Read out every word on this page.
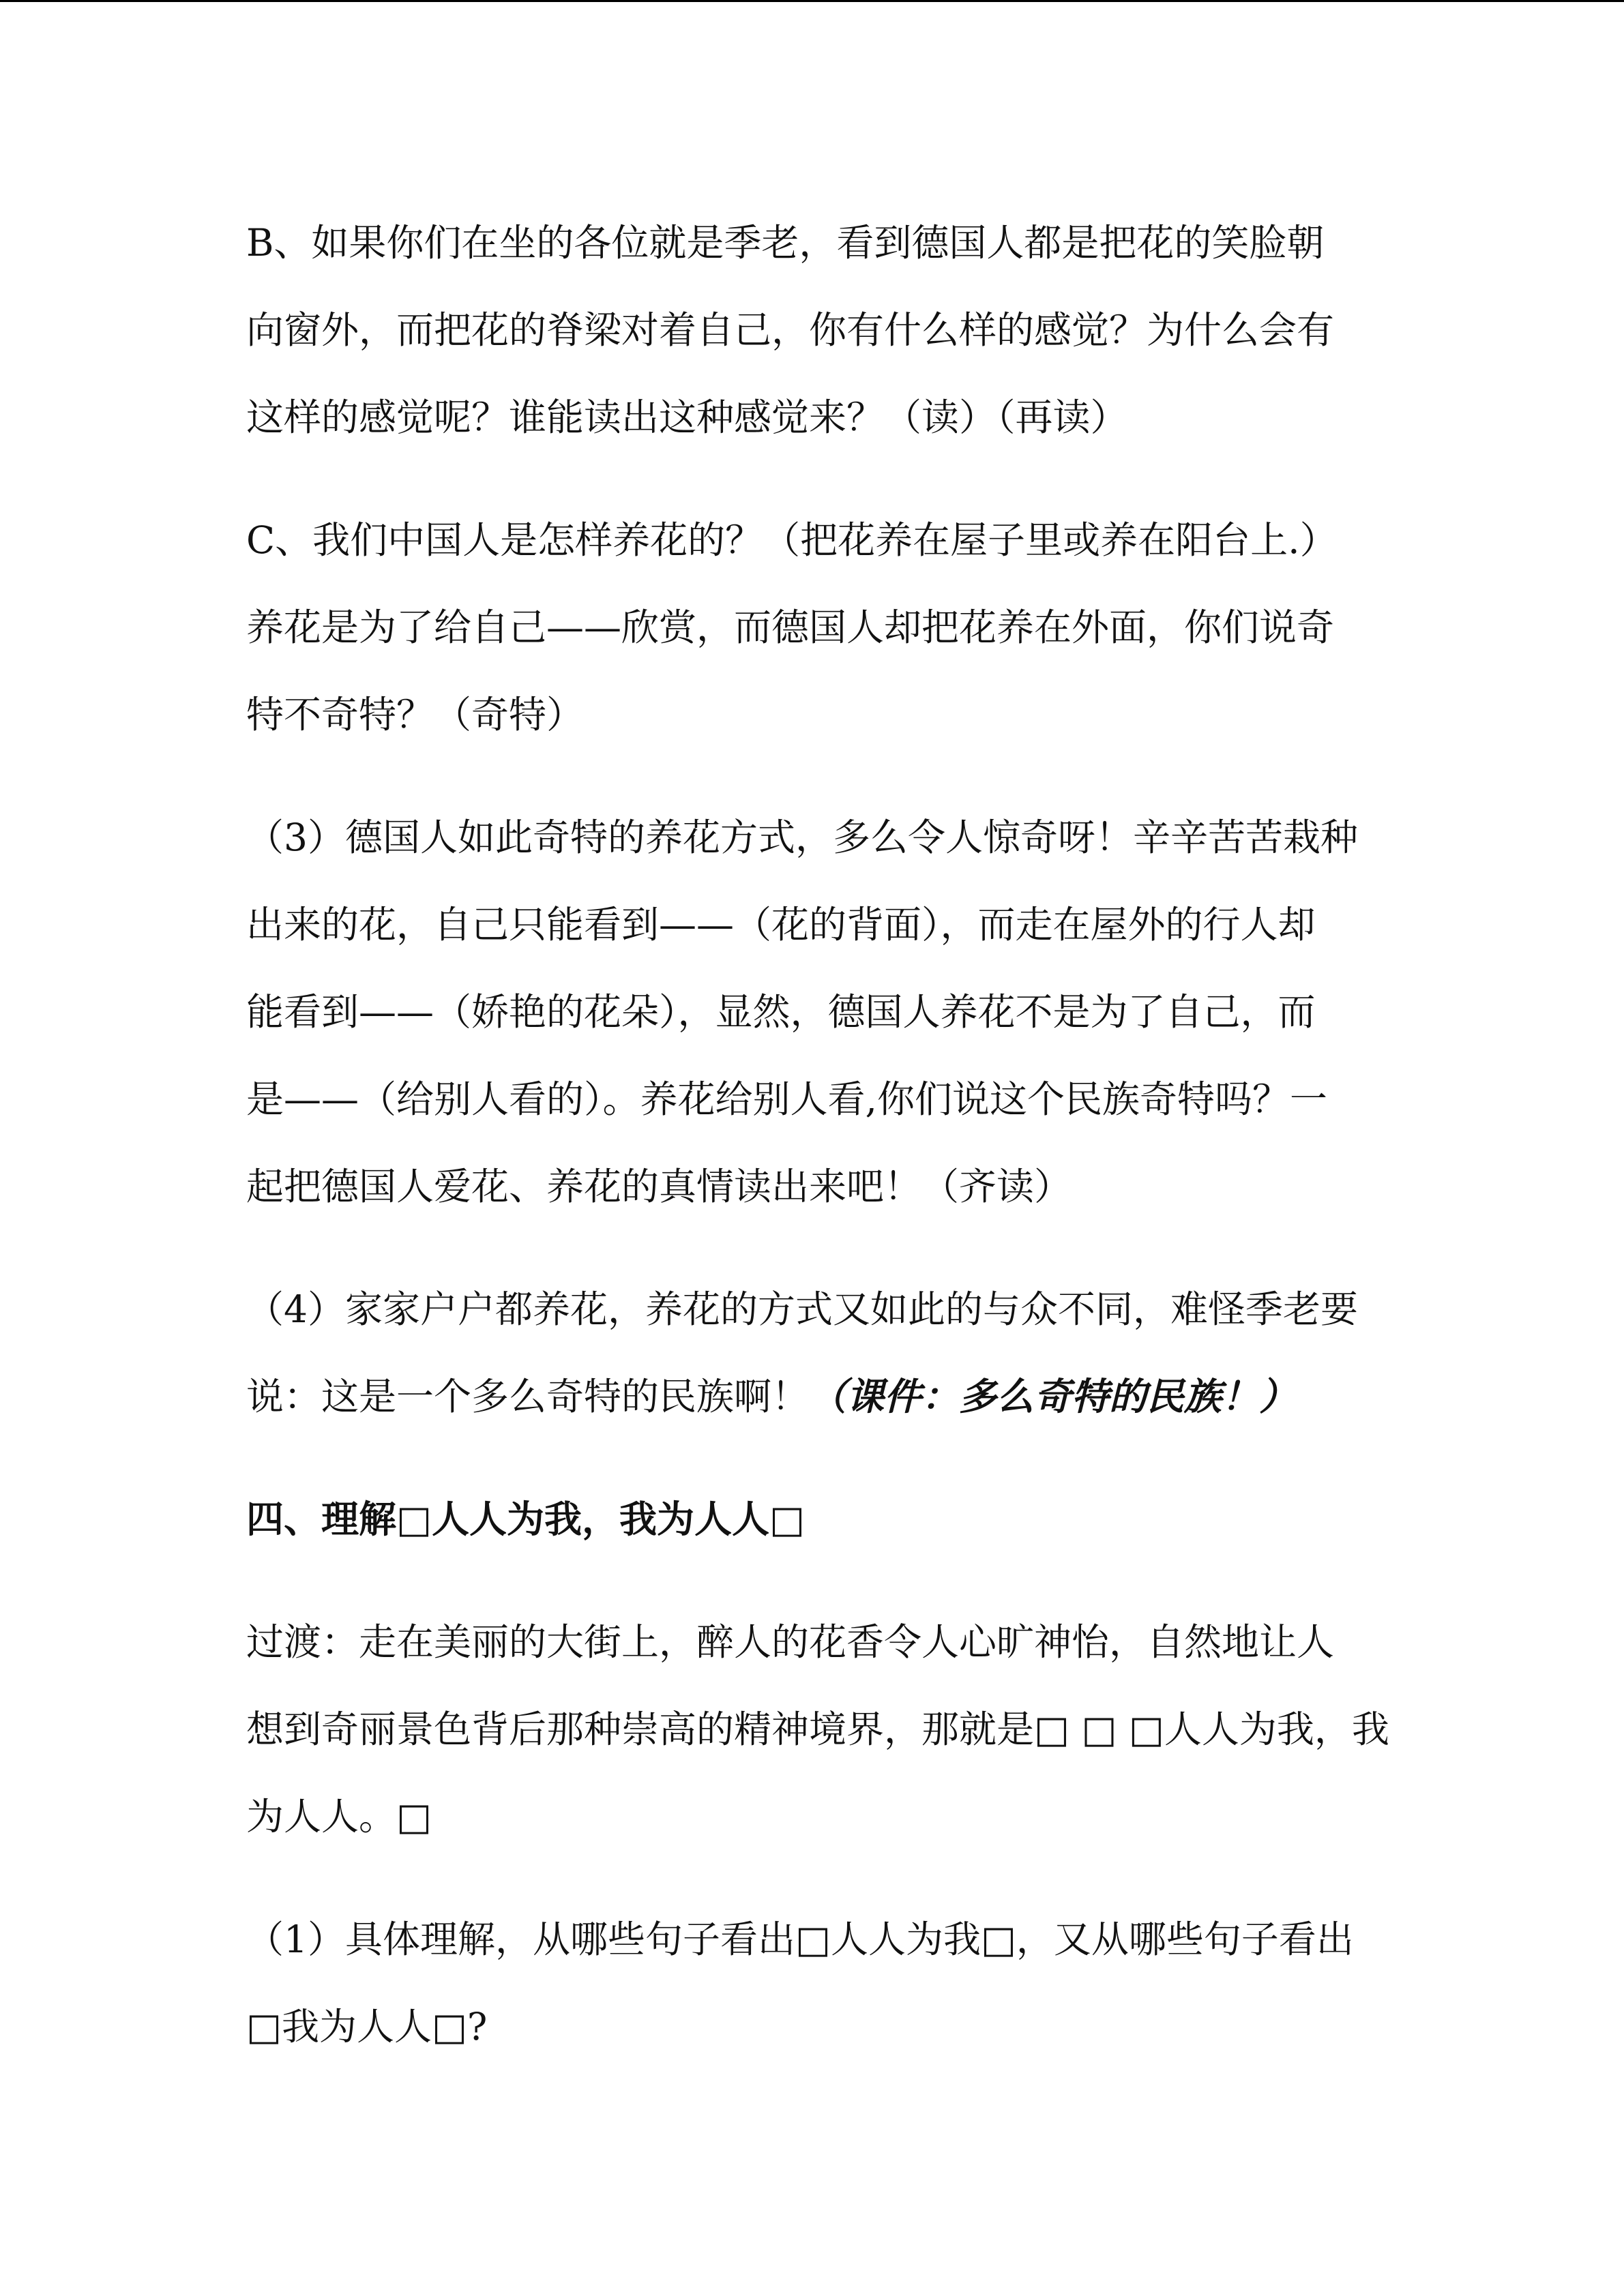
B、如果你们在坐的各位就是季老，看到德国人都是把花的笑脸朝
向窗外，而把花的脊梁对着自己，你有什么样的感觉？为什么会有
这样的感觉呢？谁能读出这种感觉来？（读）（再读）

C、我们中国人是怎样养花的？（把花养在屋子里或养在阳台上.）
养花是为了给自己——欣赏，而德国人却把花养在外面，你们说奇
特不奇特？（奇特）

（3）德国人如此奇特的养花方式，多么令人惊奇呀！辛辛苦苦栽种
出来的花，自己只能看到——（花的背面），而走在屋外的行人却
能看到——（娇艳的花朵），显然，德国人养花不是为了自己，而
是——（给别人看的）。养花给别人看,你们说这个民族奇特吗？一
起把德国人爱花、养花的真情读出来吧！（齐读）

（4）家家户户都养花，养花的方式又如此的与众不同，难怪季老要
说：这是一个多么奇特的民族啊！（课件：多么奇特的民族！）

四、理解□人人为我，我为人人□

过渡：走在美丽的大街上，醉人的花香令人心旷神怡，自然地让人
想到奇丽景色背后那种崇高的精神境界，那就是□ □ □人人为我，我
为人人。□

（1）具体理解，从哪些句子看出□人人为我□，又从哪些句子看出
□我为人人□?
